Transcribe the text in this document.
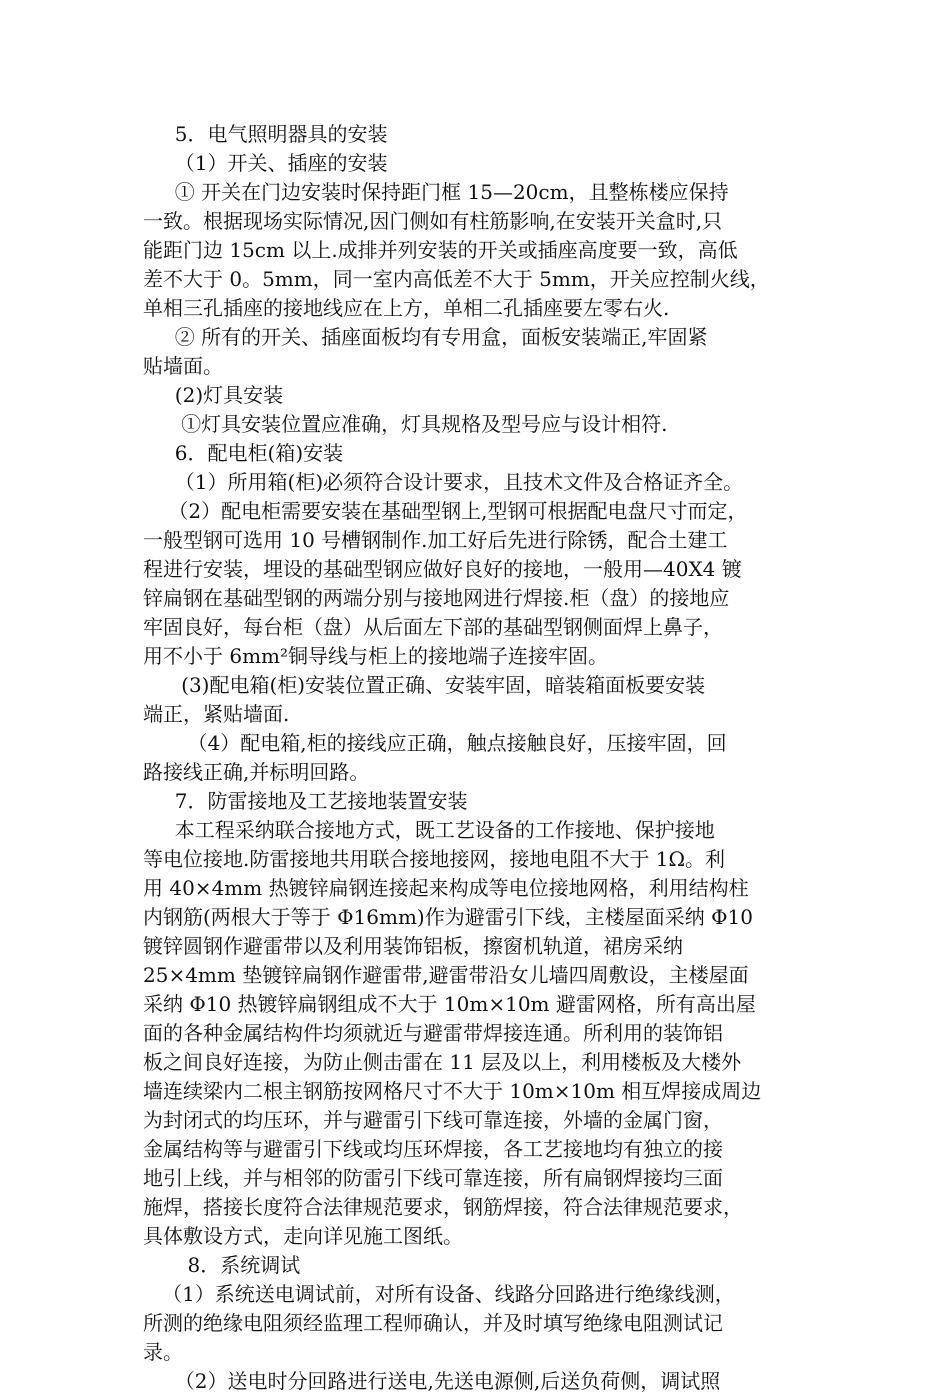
5．电气照明器具的安装
（1）开关、插座的安装
① 开关在门边安装时保持距门框 15—20cm，且整栋楼应保持
一致。根据现场实际情况,因门侧如有柱筋影响,在安装开关盒时,只
能距门边 15cm 以上.成排并列安装的开关或插座高度要一致，高低
差不大于 0。5mm，同一室内高低差不大于 5mm，开关应控制火线，
单相三孔插座的接地线应在上方，单相二孔插座要左零右火.
② 所有的开关、插座面板均有专用盒，面板安装端正,牢固紧
贴墙面。
(2)灯具安装
①灯具安装位置应准确，灯具规格及型号应与设计相符.
6．配电柜(箱)安装
（1）所用箱(柜)必须符合设计要求，且技术文件及合格证齐全。
（2）配电柜需要安装在基础型钢上,型钢可根据配电盘尺寸而定，
一般型钢可选用 10 号槽钢制作.加工好后先进行除锈，配合土建工
程进行安装，埋设的基础型钢应做好良好的接地，一般用—40X4 镀
锌扁钢在基础型钢的两端分别与接地网进行焊接.柜（盘）的接地应
牢固良好，每台柜（盘）从后面左下部的基础型钢侧面焊上鼻子，
用不小于 6mm²铜导线与柜上的接地端子连接牢固。
(3)配电箱(柜)安装位置正确、安装牢固，暗装箱面板要安装
端正，紧贴墙面.
（4）配电箱,柜的接线应正确，触点接触良好，压接牢固，回
路接线正确,并标明回路。
7．防雷接地及工艺接地装置安装
本工程采纳联合接地方式，既工艺设备的工作接地、保护接地
等电位接地.防雷接地共用联合接地接网，接地电阻不大于 1Ω。利
用 40×4mm 热镀锌扁钢连接起来构成等电位接地网格，利用结构柱
内钢筋(两根大于等于 Φ16mm)作为避雷引下线，主楼屋面采纳 Φ10
镀锌圆钢作避雷带以及利用装饰铝板，擦窗机轨道，裙房采纳
25×4mm 垫镀锌扁钢作避雷带,避雷带沿女儿墙四周敷设，主楼屋面
采纳 Φ10 热镀锌扁钢组成不大于 10m×10m 避雷网格，所有高出屋
面的各种金属结构件均须就近与避雷带焊接连通。所利用的装饰铝
板之间良好连接，为防止侧击雷在 11 层及以上，利用楼板及大楼外
墙连续梁内二根主钢筋按网格尺寸不大于 10m×10m 相互焊接成周边
为封闭式的均压环，并与避雷引下线可靠连接，外墙的金属门窗，
金属结构等与避雷引下线或均压环焊接，各工艺接地均有独立的接
地引上线，并与相邻的防雷引下线可靠连接，所有扁钢焊接均三面
施焊，搭接长度符合法律规范要求，钢筋焊接，符合法律规范要求，
具体敷设方式，走向详见施工图纸。
8．系统调试
（1）系统送电调试前，对所有设备、线路分回路进行绝缘线测，
所测的绝缘电阻须经监理工程师确认，并及时填写绝缘电阻测试记
录。
（2）送电时分回路进行送电,先送电源侧,后送负荷侧，调试照
